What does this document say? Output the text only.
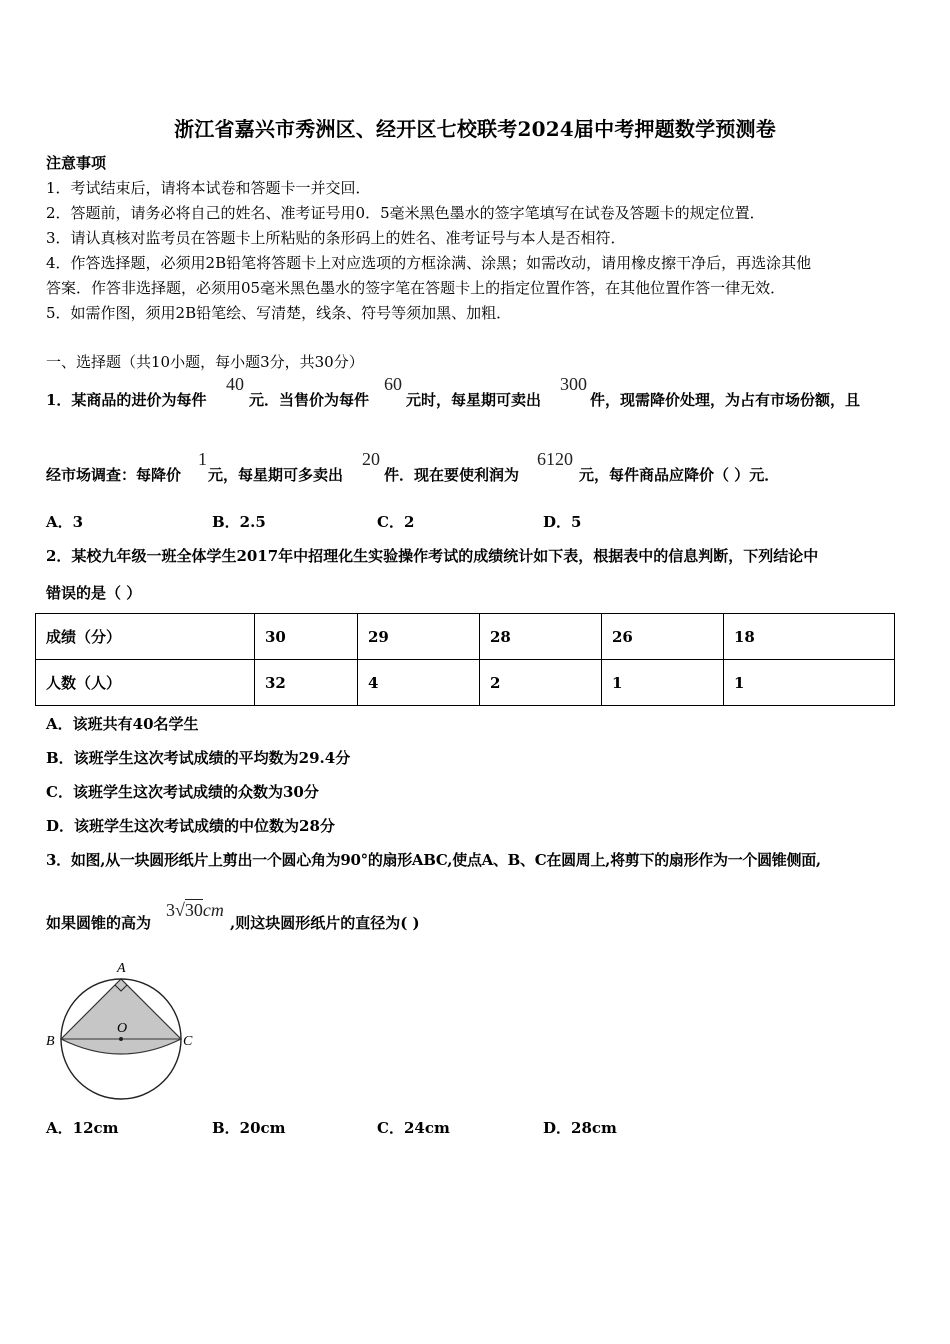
浙江省嘉兴市秀洲区、经开区七校联考2024届中考押题数学预测卷
注意事项
1．考试结束后，请将本试卷和答题卡一并交回．
2．答题前，请务必将自己的姓名、准考证号用0．5毫米黑色墨水的签字笔填写在试卷及答题卡的规定位置．
3．请认真核对监考员在答题卡上所粘贴的条形码上的姓名、准考证号与本人是否相符．
4．作答选择题，必须用2B铅笔将答题卡上对应选项的方框涂满、涂黑；如需改动，请用橡皮擦干净后，再选涂其他
答案．作答非选择题，必须用05毫米黑色墨水的签字笔在答题卡上的指定位置作答，在其他位置作答一律无效．
5．如需作图，须用2B铅笔绘、写清楚，线条、符号等须加黑、加粗．
一、选择题（共10小题，每小题3分，共30分）
1．某商品的进价为每件
40
元．当售价为每件
60
元时，每星期可卖出
300
件，现需降价处理，为占有市场份额，且
经市场调查：每降价
1
元，每星期可多卖出
20
件．现在要使利润为
6120
元，每件商品应降价（ ）元．
A．3	B．2.5	C．2	D．5
2．某校九年级一班全体学生2017年中招理化生实验操作考试的成绩统计如下表，根据表中的信息判断，下列结论中
错误的是（ ）
成绩（分）	30	29	28	26	18
人数（人）	32	4	2	1	1
A．该班共有40名学生
B．该班学生这次考试成绩的平均数为29.4分
C．该班学生这次考试成绩的众数为30分
D．该班学生这次考试成绩的中位数为28分
3．如图,从一块圆形纸片上剪出一个圆心角为90°的扇形ABC,使点A、B、C在圆周上,将剪下的扇形作为一个圆锥侧面,
如果圆锥的高为
3√30cm
,则这块圆形纸片的直径为( )
A
B	C
O
A．12cm	B．20cm	C．24cm	D．28cm
